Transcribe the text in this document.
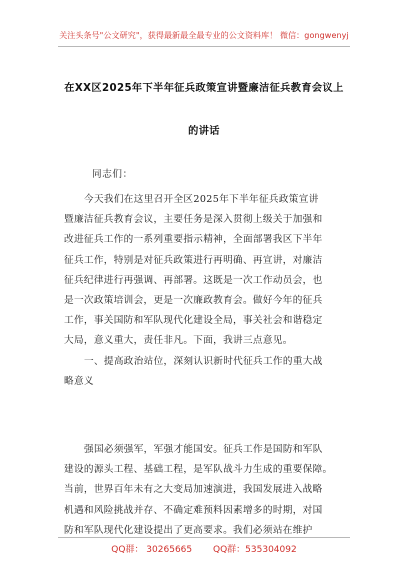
关注头条号"公文研究"，获得最新最全最专业的公文资料库！ 微信：gongwenyj
在XX区2025年下半年征兵政策宣讲暨廉洁征兵教育会议上
的讲话
同志们：
今天我们在这里召开全区2025年下半年征兵政策宣讲
暨廉洁征兵教育会议，主要任务是深入贯彻上级关于加强和
改进征兵工作的一系列重要指示精神，全面部署我区下半年
征兵工作，特别是对征兵政策进行再明确、再宣讲，对廉洁
征兵纪律进行再强调、再部署。这既是一次工作动员会，也
是一次政策培训会，更是一次廉政教育会。做好今年的征兵
工作，事关国防和军队现代化建设全局，事关社会和谐稳定
大局，意义重大，责任非凡。下面，我讲三点意见。
一、提高政治站位，深刻认识新时代征兵工作的重大战
略意义
强国必须强军，军强才能国安。征兵工作是国防和军队
建设的源头工程、基础工程，是军队战斗力生成的重要保障。
当前，世界百年未有之大变局加速演进，我国发展进入战略
机遇和风险挑战并存、不确定难预料因素增多的时期，对国
防和军队现代化建设提出了更高要求。我们必须站在维护
QQ群： 30265665 QQ群：535304092
